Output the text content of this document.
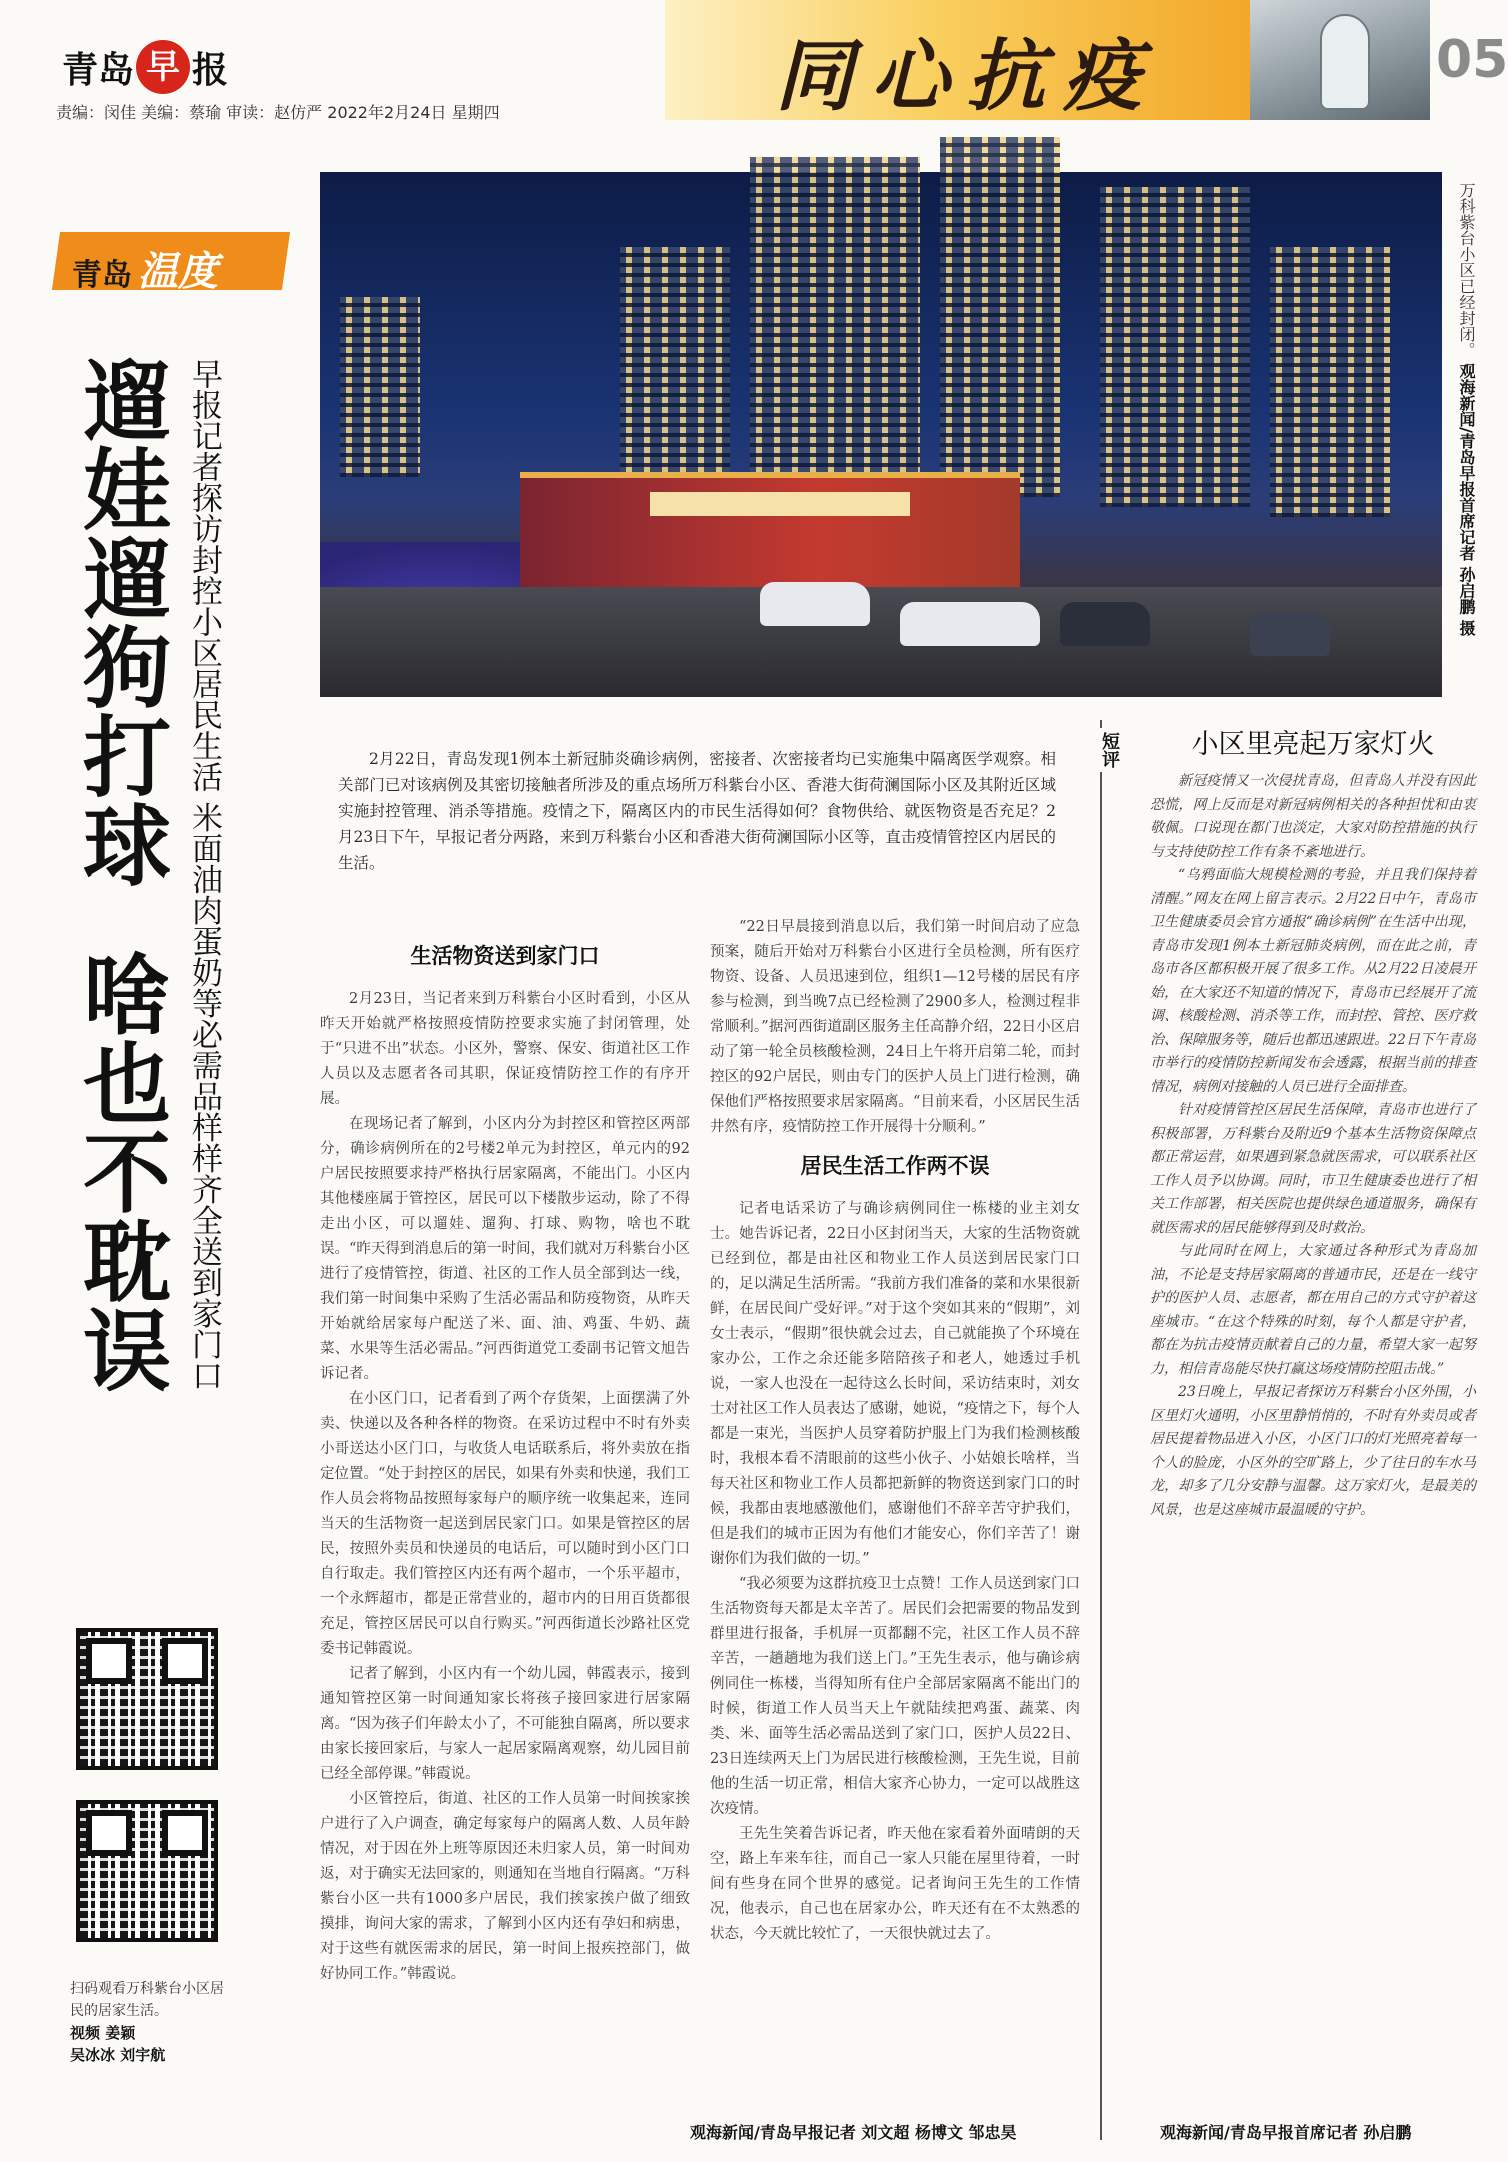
青岛 早 报
责编：闵佳 美编：蔡瑜 审读：赵仿严 2022年2月24日 星期四	同心抗疫	05
万科紫台小区已经封闭。 观海新闻/青岛早报首席记者 孙启鹏 摄
青岛 温度
遛娃遛狗打球啥也不耽误 早报记者探访封控小区居民生活 米面油肉蛋奶等必需品样样齐全送到家门口
扫码观看万科紫台小区居民的居家生活。
视频 姜颖
吴冰冰 刘宇航

2月22日，青岛发现1例本土新冠肺炎确诊病例，密接者、次密接者均已实施集中隔离医学观察。相关部门已对该病例及其密切接触者所涉及的重点场所万科紫台小区、香港大街荷澜国际小区及其附近区域实施封控管理、消杀等措施。疫情之下，隔离区内的市民生活得如何？食物供给、就医物资是否充足？2月23日下午，早报记者分两路，来到万科紫台小区和香港大街荷澜国际小区等，直击疫情管控区内居民的生活。

生活物资送到家门口

2月23日，当记者来到万科紫台小区时看到，小区从昨天开始就严格按照疫情防控要求实施了封闭管理，处于“只进不出”状态。小区外，警察、保安、街道社区工作人员以及志愿者各司其职，保证疫情防控工作的有序开展。

在现场记者了解到，小区内分为封控区和管控区两部分，确诊病例所在的2号楼2单元为封控区，单元内的92户居民按照要求持严格执行居家隔离，不能出门。小区内其他楼座属于管控区，居民可以下楼散步运动，除了不得走出小区，可以遛娃、遛狗、打球、购物，啥也不耽误。“昨天得到消息后的第一时间，我们就对万科紫台小区进行了疫情管控，街道、社区的工作人员全部到达一线，我们第一时间集中采购了生活必需品和防疫物资，从昨天开始就给居家每户配送了米、面、油、鸡蛋、牛奶、蔬菜、水果等生活必需品。”河西街道党工委副书记管文旭告诉记者。

在小区门口，记者看到了两个存货架，上面摆满了外卖、快递以及各种各样的物资。在采访过程中不时有外卖小哥送达小区门口，与收货人电话联系后，将外卖放在指定位置。“处于封控区的居民，如果有外卖和快递，我们工作人员会将物品按照每家每户的顺序统一收集起来，连同当天的生活物资一起送到居民家门口。如果是管控区的居民，按照外卖员和快递员的电话后，可以随时到小区门口自行取走。我们管控区内还有两个超市，一个乐平超市，一个永辉超市，都是正常营业的，超市内的日用百货都很充足，管控区居民可以自行购买。”河西街道长沙路社区党委书记韩霞说。

记者了解到，小区内有一个幼儿园，韩霞表示，接到通知管控区第一时间通知家长将孩子接回家进行居家隔离。“因为孩子们年龄太小了，不可能独自隔离，所以要求由家长接回家后，与家人一起居家隔离观察，幼儿园目前已经全部停课。”韩霞说。

小区管控后，街道、社区的工作人员第一时间挨家挨户进行了入户调查，确定每家每户的隔离人数、人员年龄情况，对于因在外上班等原因还未归家人员，第一时间劝返，对于确实无法回家的，则通知在当地自行隔离。“万科紫台小区一共有1000多户居民，我们挨家挨户做了细致摸排，询问大家的需求，了解到小区内还有孕妇和病患，对于这些有就医需求的居民，第一时间上报疾控部门，做好协同工作。”韩霞说。

“22日早晨接到消息以后，我们第一时间启动了应急预案，随后开始对万科紫台小区进行全员检测，所有医疗物资、设备、人员迅速到位，组织1—12号楼的居民有序参与检测，到当晚7点已经检测了2900多人，检测过程非常顺利。”据河西街道副区服务主任高静介绍，22日小区启动了第一轮全员核酸检测，24日上午将开启第二轮，而封控区的92户居民，则由专门的医护人员上门进行检测，确保他们严格按照要求居家隔离。“目前来看，小区居民生活井然有序，疫情防控工作开展得十分顺利。”

居民生活工作两不误

记者电话采访了与确诊病例同住一栋楼的业主刘女士。她告诉记者，22日小区封闭当天，大家的生活物资就已经到位，都是由社区和物业工作人员送到居民家门口的，足以满足生活所需。“我前方我们准备的菜和水果很新鲜，在居民间广受好评。”对于这个突如其来的“假期”，刘女士表示，“假期”很快就会过去，自己就能换了个环境在家办公，工作之余还能多陪陪孩子和老人，她透过手机说，一家人也没在一起待这么长时间，采访结束时，刘女士对社区工作人员表达了感谢，她说，“疫情之下，每个人都是一束光，当医护人员穿着防护服上门为我们检测核酸时，我根本看不清眼前的这些小伙子、小姑娘长啥样，当每天社区和物业工作人员都把新鲜的物资送到家门口的时候，我都由衷地感激他们，感谢他们不辞辛苦守护我们，但是我们的城市正因为有他们才能安心，你们辛苦了！谢谢你们为我们做的一切。”

“我必须要为这群抗疫卫士点赞！工作人员送到家门口生活物资每天都是太辛苦了。居民们会把需要的物品发到群里进行报备，手机屏一页都翻不完，社区工作人员不辞辛苦，一趟趟地为我们送上门。”王先生表示，他与确诊病例同住一栋楼，当得知所有住户全部居家隔离不能出门的时候，街道工作人员当天上午就陆续把鸡蛋、蔬菜、肉类、米、面等生活必需品送到了家门口，医护人员22日、23日连续两天上门为居民进行核酸检测，王先生说，目前他的生活一切正常，相信大家齐心协力，一定可以战胜这次疫情。

王先生笑着告诉记者，昨天他在家看着外面晴朗的天空，路上车来车往，而自己一家人只能在屋里待着，一时间有些身在同个世界的感觉。记者询问王先生的工作情况，他表示，自己也在居家办公，昨天还有在不太熟悉的状态，今天就比较忙了，一天很快就过去了。

观海新闻/青岛早报记者 刘文超 杨博文 邹忠昊
短评	小区里亮起万家灯火

新冠疫情又一次侵扰青岛，但青岛人并没有因此恐慌，网上反而是对新冠病例相关的各种担忧和由衷敬佩。口说现在都门也淡定，大家对防控措施的执行与支持使防控工作有条不紊地进行。

“乌鸦面临大规模检测的考验，并且我们保持着清醒。”网友在网上留言表示。2月22日中午，青岛市卫生健康委员会官方通报“确诊病例”在生活中出现，青岛市发现1例本土新冠肺炎病例，而在此之前，青岛市各区都积极开展了很多工作。从2月22日凌晨开始，在大家还不知道的情况下，青岛市已经展开了流调、核酸检测、消杀等工作，而封控、管控、医疗救治、保障服务等，随后也都迅速跟进。22日下午青岛市举行的疫情防控新闻发布会透露，根据当前的排查情况，病例对接触的人员已进行全面排查。

针对疫情管控区居民生活保障，青岛市也进行了积极部署，万科紫台及附近9个基本生活物资保障点都正常运营，如果遇到紧急就医需求，可以联系社区工作人员予以协调。同时，市卫生健康委也进行了相关工作部署，相关医院也提供绿色通道服务，确保有就医需求的居民能够得到及时救治。

与此同时在网上，大家通过各种形式为青岛加油，不论是支持居家隔离的普通市民，还是在一线守护的医护人员、志愿者，都在用自己的方式守护着这座城市。“在这个特殊的时刻，每个人都是守护者，都在为抗击疫情贡献着自己的力量，希望大家一起努力，相信青岛能尽快打赢这场疫情防控阻击战。”

23日晚上，早报记者探访万科紫台小区外围，小区里灯火通明，小区里静悄悄的，不时有外卖员或者居民提着物品进入小区，小区门口的灯光照亮着每一个人的脸庞，小区外的空旷路上，少了往日的车水马龙，却多了几分安静与温馨。这万家灯火，是最美的风景，也是这座城市最温暖的守护。

观海新闻/青岛早报首席记者 孙启鹏
